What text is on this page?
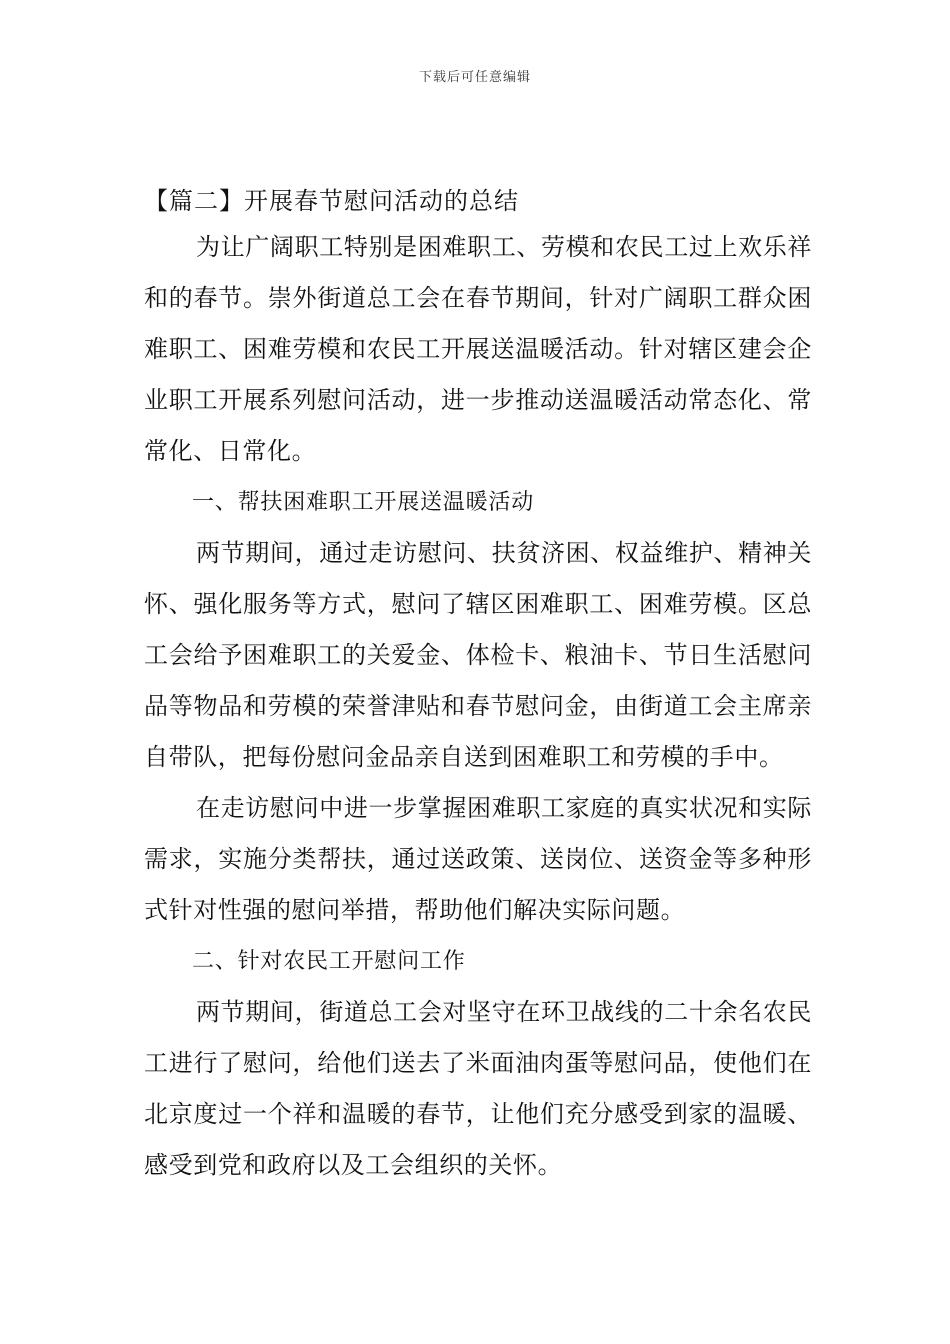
下载后可任意编辑
【篇二】开展春节慰问活动的总结

为让广阔职工特别是困难职工、劳模和农民工过上欢乐祥和的春节。崇外街道总工会在春节期间，针对广阔职工群众困难职工、困难劳模和农民工开展送温暖活动。针对辖区建会企业职工开展系列慰问活动，进一步推动送温暖活动常态化、常常化、日常化。

一、帮扶困难职工开展送温暖活动

两节期间，通过走访慰问、扶贫济困、权益维护、精神关怀、强化服务等方式，慰问了辖区困难职工、困难劳模。区总工会给予困难职工的关爱金、体检卡、粮油卡、节日生活慰问品等物品和劳模的荣誉津贴和春节慰问金，由街道工会主席亲自带队，把每份慰问金品亲自送到困难职工和劳模的手中。

在走访慰问中进一步掌握困难职工家庭的真实状况和实际需求，实施分类帮扶，通过送政策、送岗位、送资金等多种形式针对性强的慰问举措，帮助他们解决实际问题。

二、针对农民工开慰问工作

两节期间，街道总工会对坚守在环卫战线的二十余名农民工进行了慰问，给他们送去了米面油肉蛋等慰问品，使他们在北京度过一个祥和温暖的春节，让他们充分感受到家的温暖、感受到党和政府以及工会组织的关怀。
